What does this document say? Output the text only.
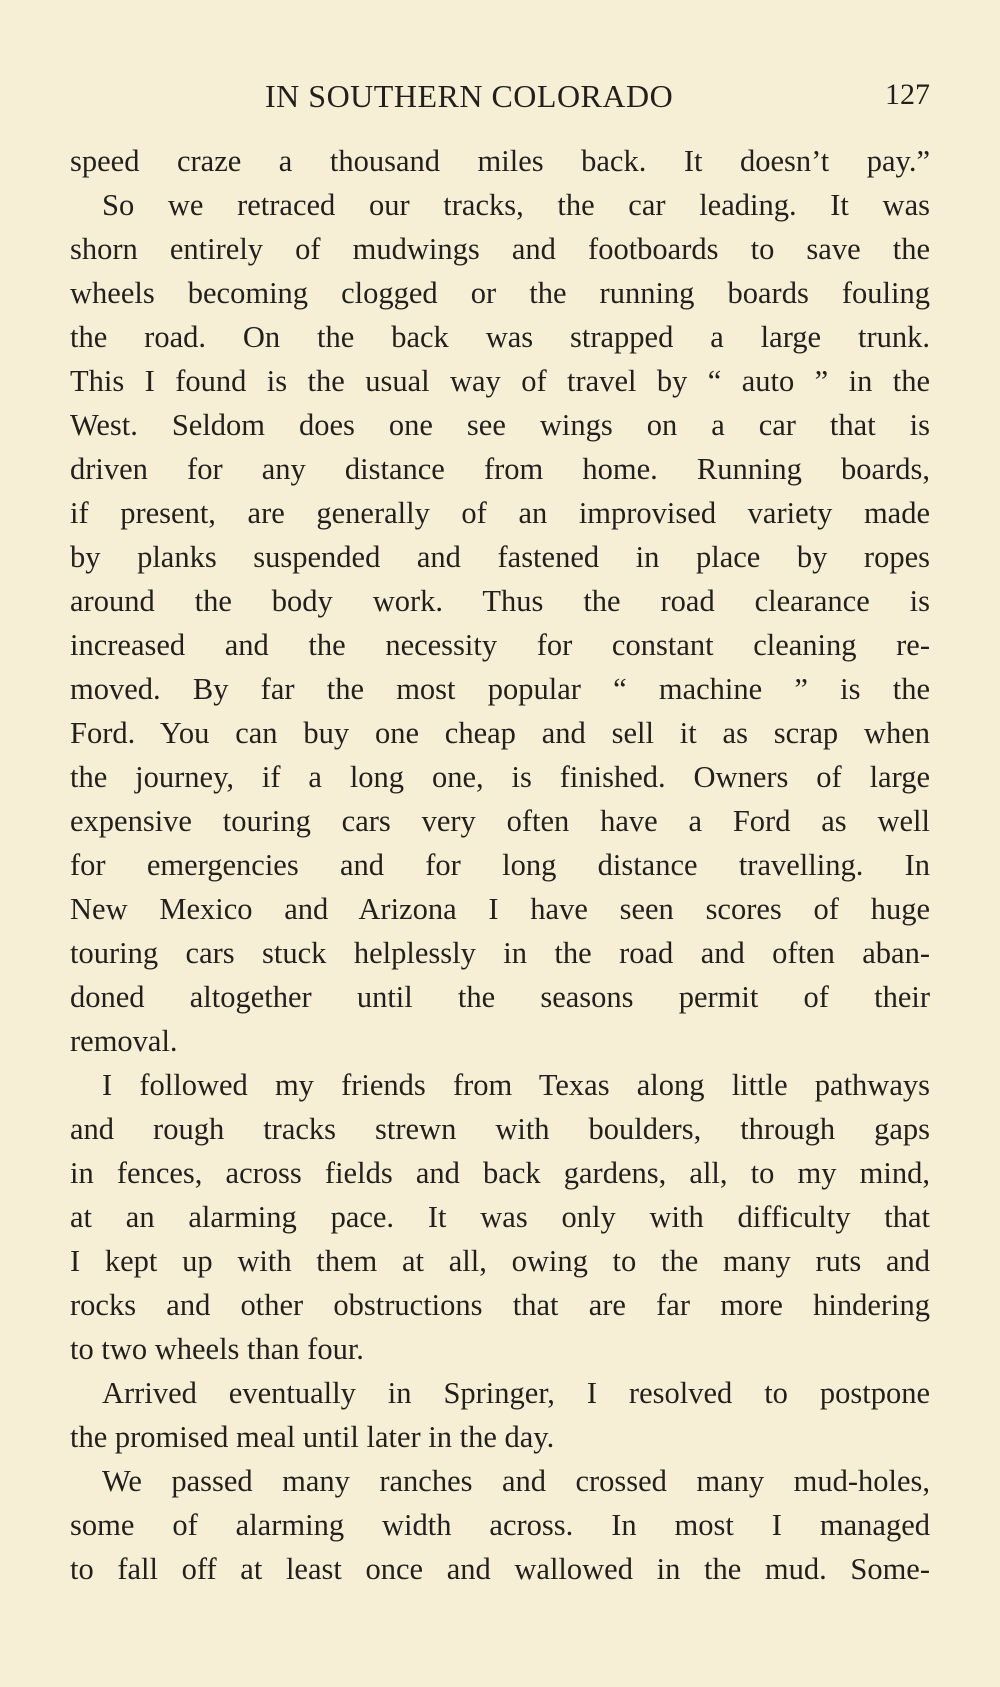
IN SOUTHERN COLORADO	127
speed craze a thousand miles back. It doesn’t pay.”
So we retraced our tracks, the car leading. It was
shorn entirely of mudwings and footboards to save the
wheels becoming clogged or the running boards fouling
the road. On the back was strapped a large trunk.
This I found is the usual way of travel by “ auto ” in the
West. Seldom does one see wings on a car that is
driven for any distance from home. Running boards,
if present, are generally of an improvised variety made
by planks suspended and fastened in place by ropes
around the body work. Thus the road clearance is
increased and the necessity for constant cleaning re-
moved. By far the most popular “ machine ” is the
Ford. You can buy one cheap and sell it as scrap when
the journey, if a long one, is finished. Owners of large
expensive touring cars very often have a Ford as well
for emergencies and for long distance travelling. In
New Mexico and Arizona I have seen scores of huge
touring cars stuck helplessly in the road and often aban-
doned altogether until the seasons permit of their
removal.
I followed my friends from Texas along little pathways
and rough tracks strewn with boulders, through gaps
in fences, across fields and back gardens, all, to my mind,
at an alarming pace. It was only with difficulty that
I kept up with them at all, owing to the many ruts and
rocks and other obstructions that are far more hindering
to two wheels than four.
Arrived eventually in Springer, I resolved to postpone
the promised meal until later in the day.
We passed many ranches and crossed many mud-holes,
some of alarming width across. In most I managed
to fall off at least once and wallowed in the mud. Some-
